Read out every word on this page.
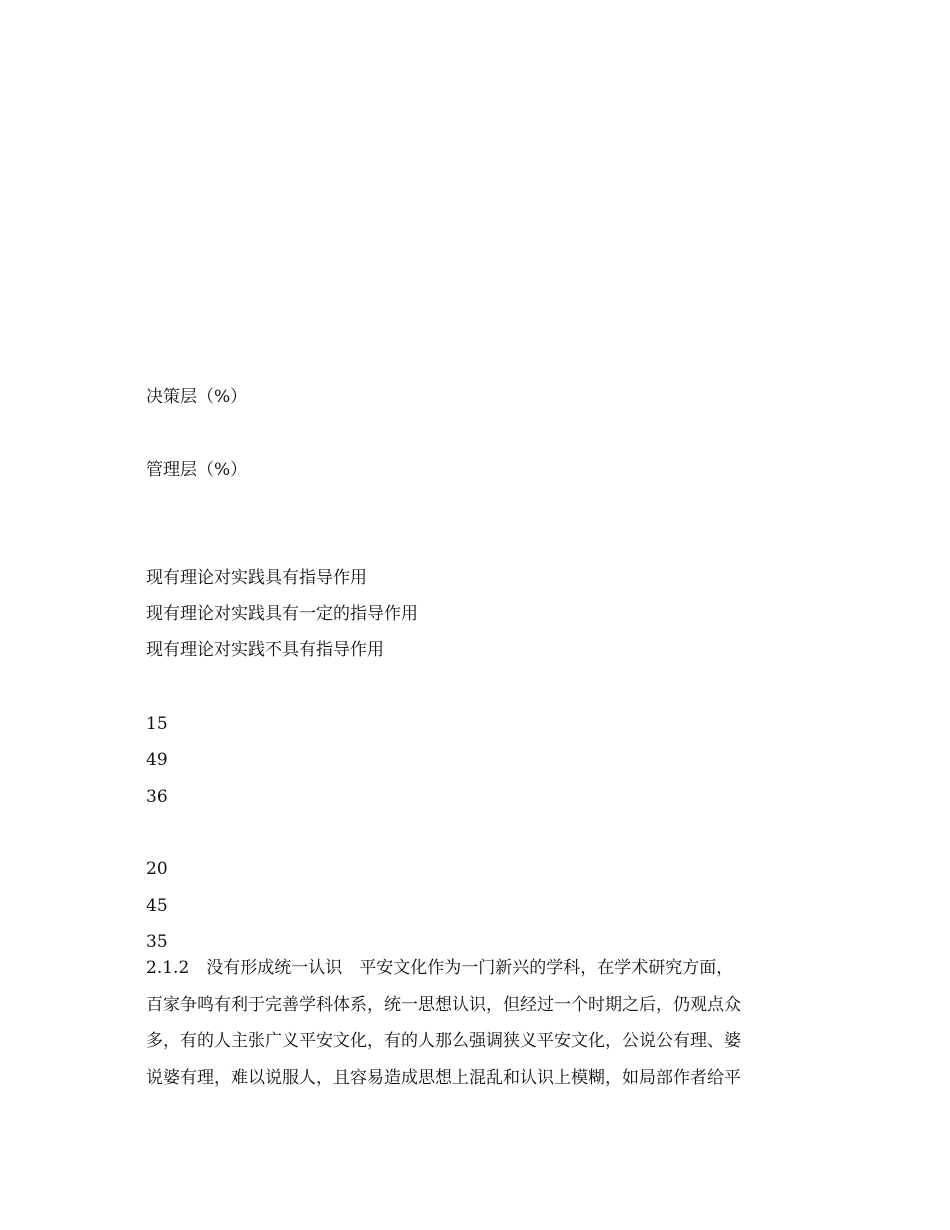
决策层（%）
管理层（%）
现有理论对实践具有指导作用
现有理论对实践具有一定的指导作用
现有理论对实践不具有指导作用
15
49
36
20
45
35
2.1.2　没有形成统一认识　平安文化作为一门新兴的学科，在学术研究方面，
百家争鸣有利于完善学科体系，统一思想认识，但经过一个时期之后，仍观点众
多，有的人主张广义平安文化，有的人那么强调狭义平安文化，公说公有理、婆
说婆有理，难以说服人，且容易造成思想上混乱和认识上模糊，如局部作者给平
